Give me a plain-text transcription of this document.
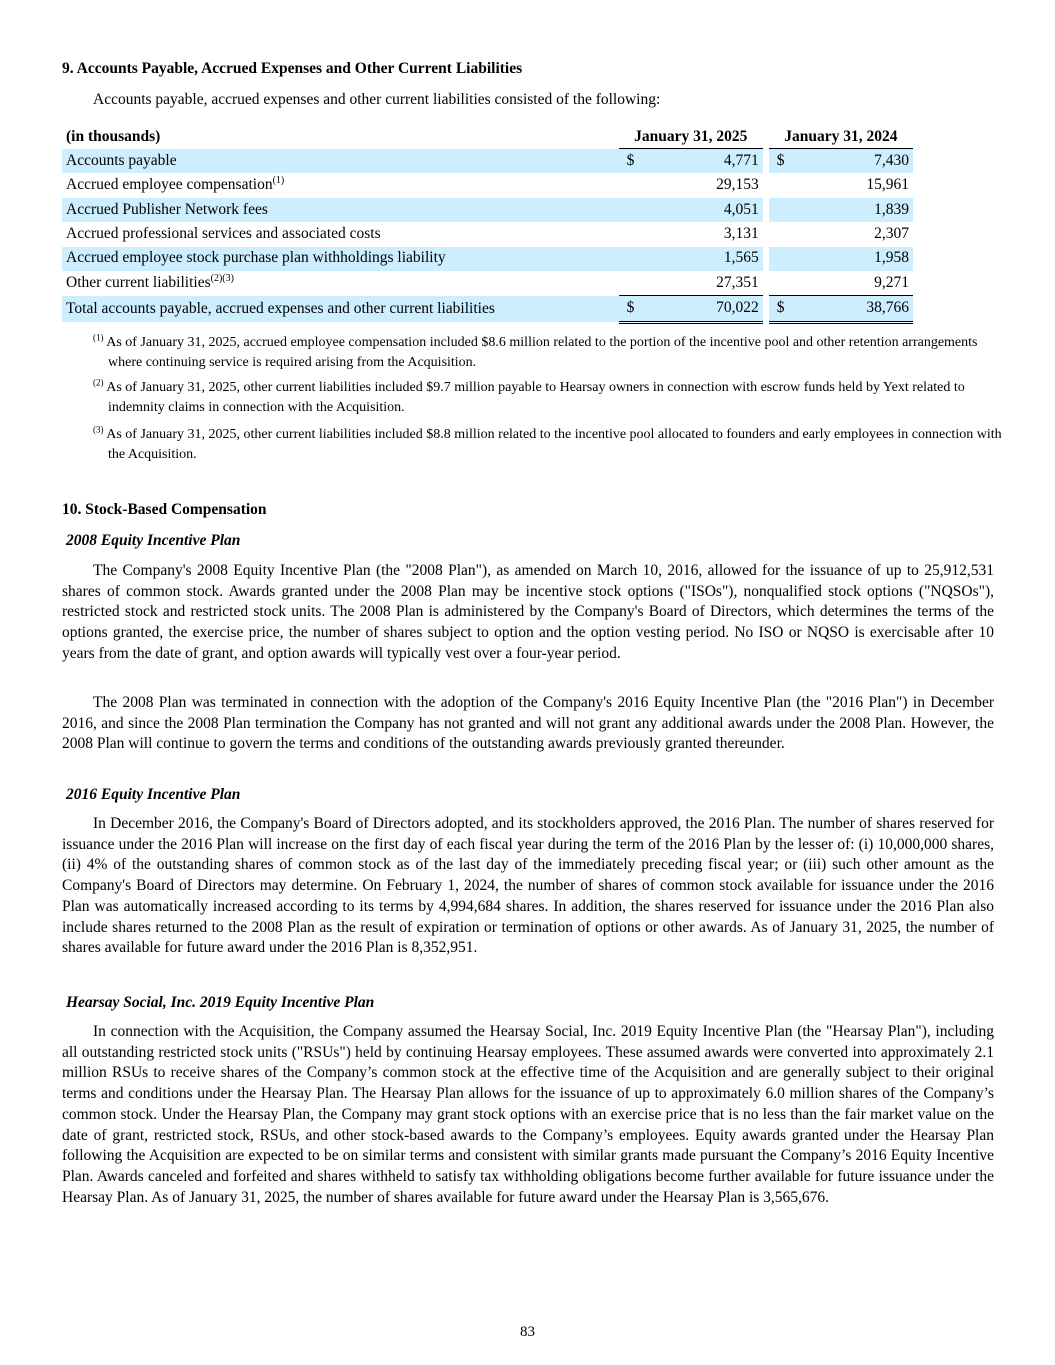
9. Accounts Payable, Accrued Expenses and Other Current Liabilities
Accounts payable, accrued expenses and other current liabilities consisted of the following:
(in thousands)	January 31, 2025			January 31, 2024	
Accounts payable	$	4,771		$	7,430
Accrued employee compensation$^{(1)}$		29,153			15,961
Accrued Publisher Network fees		4,051			1,839
Accrued professional services and associated costs		3,131			2,307
Accrued employee stock purchase plan withholdings liability		1,565			1,958
Other current liabilities$^{(2)(3)}$		27,351			9,271
Total accounts payable, accrued expenses and other current liabilities	$	70,022		$	38,766
$^{(1)}$ As of January 31, 2025, accrued employee compensation included $8.6 million related to the portion of the incentive pool and other retention arrangements where continuing service is required arising from the Acquisition.
$^{(2)}$ As of January 31, 2025, other current liabilities included $9.7 million payable to Hearsay owners in connection with escrow funds held by Yext related to indemnity claims in connection with the Acquisition.
$^{(3)}$ As of January 31, 2025, other current liabilities included $8.8 million related to the incentive pool allocated to founders and early employees in connection with the Acquisition.
10. Stock-Based Compensation
2008 Equity Incentive Plan
The Company's 2008 Equity Incentive Plan (the "2008 Plan"), as amended on March 10, 2016, allowed for the issuance of up to 25,912,531 shares of common stock. Awards granted under the 2008 Plan may be incentive stock options ("ISOs"), nonqualified stock options ("NQSOs"), restricted stock and restricted stock units. The 2008 Plan is administered by the Company's Board of Directors, which determines the terms of the options granted, the exercise price, the number of shares subject to option and the option vesting period. No ISO or NQSO is exercisable after 10 years from the date of grant, and option awards will typically vest over a four-year period.
The 2008 Plan was terminated in connection with the adoption of the Company's 2016 Equity Incentive Plan (the "2016 Plan") in December 2016, and since the 2008 Plan termination the Company has not granted and will not grant any additional awards under the 2008 Plan. However, the 2008 Plan will continue to govern the terms and conditions of the outstanding awards previously granted thereunder.
2016 Equity Incentive Plan
In December 2016, the Company's Board of Directors adopted, and its stockholders approved, the 2016 Plan. The number of shares reserved for issuance under the 2016 Plan will increase on the first day of each fiscal year during the term of the 2016 Plan by the lesser of: (i) 10,000,000 shares, (ii) 4% of the outstanding shares of common stock as of the last day of the immediately preceding fiscal year; or (iii) such other amount as the Company's Board of Directors may determine. On February 1, 2024, the number of shares of common stock available for issuance under the 2016 Plan was automatically increased according to its terms by 4,994,684 shares. In addition, the shares reserved for issuance under the 2016 Plan also include shares returned to the 2008 Plan as the result of expiration or termination of options or other awards. As of January 31, 2025, the number of shares available for future award under the 2016 Plan is 8,352,951.
Hearsay Social, Inc. 2019 Equity Incentive Plan
In connection with the Acquisition, the Company assumed the Hearsay Social, Inc. 2019 Equity Incentive Plan (the "Hearsay Plan"), including all outstanding restricted stock units ("RSUs") held by continuing Hearsay employees. These assumed awards were converted into approximately 2.1 million RSUs to receive shares of the Company’s common stock at the effective time of the Acquisition and are generally subject to their original terms and conditions under the Hearsay Plan. The Hearsay Plan allows for the issuance of up to approximately 6.0 million shares of the Company’s common stock. Under the Hearsay Plan, the Company may grant stock options with an exercise price that is no less than the fair market value on the date of grant, restricted stock, RSUs, and other stock-based awards to the Company’s employees. Equity awards granted under the Hearsay Plan following the Acquisition are expected to be on similar terms and consistent with similar grants made pursuant the Company’s 2016 Equity Incentive Plan. Awards canceled and forfeited and shares withheld to satisfy tax withholding obligations become further available for future issuance under the Hearsay Plan. As of January 31, 2025, the number of shares available for future award under the Hearsay Plan is 3,565,676.
83
